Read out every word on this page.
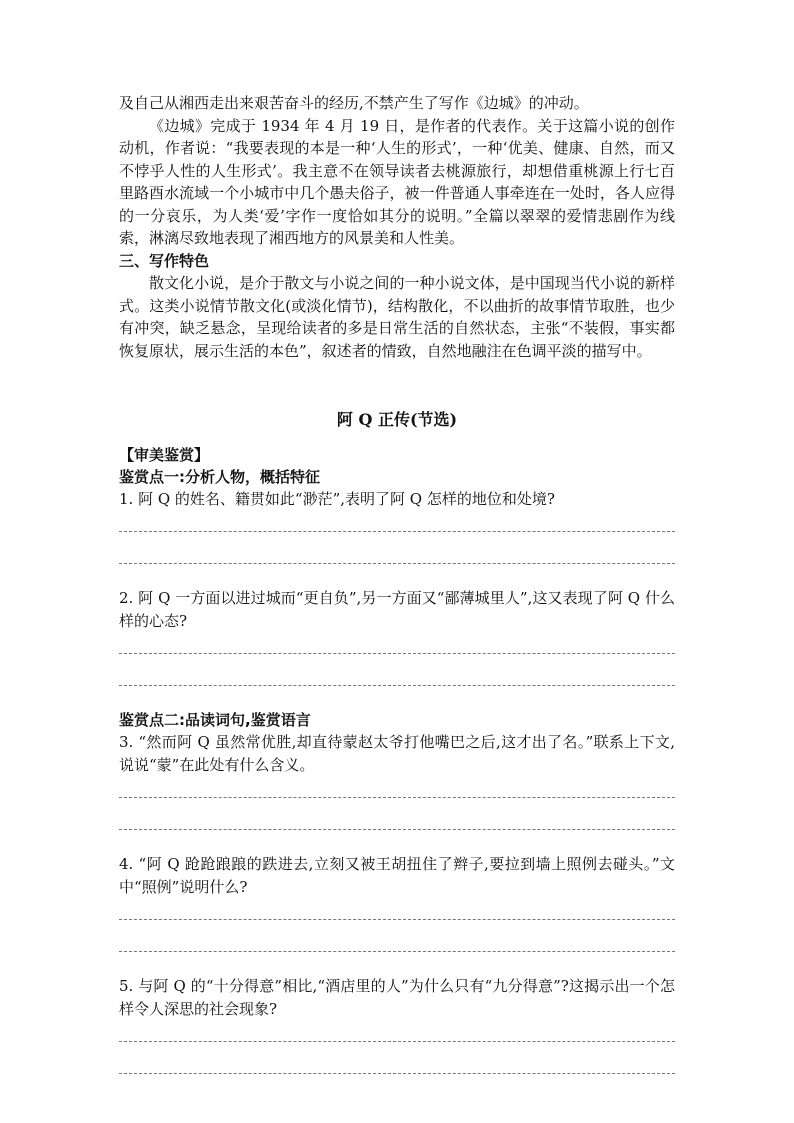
及自己从湘西走出来艰苦奋斗的经历,不禁产生了写作《边城》的冲动。

《边城》完成于 1934 年 4 月 19 日，是作者的代表作。关于这篇小说的创作动机，作者说：“我要表现的本是一种‘人生的形式’，一种‘优美、健康、自然，而又不悖乎人性的人生形式’。我主意不在领导读者去桃源旅行，却想借重桃源上行七百里路酉水流域一个小城市中几个愚夫俗子，被一件普通人事牵连在一处时，各人应得的一分哀乐，为人类‘爱’字作一度恰如其分的说明。”全篇以翠翠的爱情悲剧作为线索，淋漓尽致地表现了湘西地方的风景美和人性美。

三、写作特色

散文化小说，是介于散文与小说之间的一种小说文体，是中国现当代小说的新样式。这类小说情节散文化(或淡化情节)，结构散化，不以曲折的故事情节取胜，也少有冲突，缺乏悬念，呈现给读者的多是日常生活的自然状态，主张“不装假，事实都恢复原状，展示生活的本色”，叙述者的情致，自然地融注在色调平淡的描写中。

阿 Q 正传(节选)

【审美鉴赏】

鉴赏点一:分析人物，概括特征

1. 阿 Q 的姓名、籍贯如此“渺茫”,表明了阿 Q 怎样的地位和处境?

2. 阿 Q 一方面以进过城而“更自负”,另一方面又“鄙薄城里人”,这又表现了阿 Q 什么样的心态?

鉴赏点二:品读词句,鉴赏语言

3. “然而阿 Q 虽然常优胜,却直待蒙赵太爷打他嘴巴之后,这才出了名。”联系上下文,说说“蒙”在此处有什么含义。

4. “阿 Q 跄跄踉踉的跌进去,立刻又被王胡扭住了辫子,要拉到墙上照例去碰头。”文中“照例”说明什么?

5. 与阿 Q 的“十分得意”相比,“酒店里的人”为什么只有“九分得意”?这揭示出一个怎样令人深思的社会现象?
